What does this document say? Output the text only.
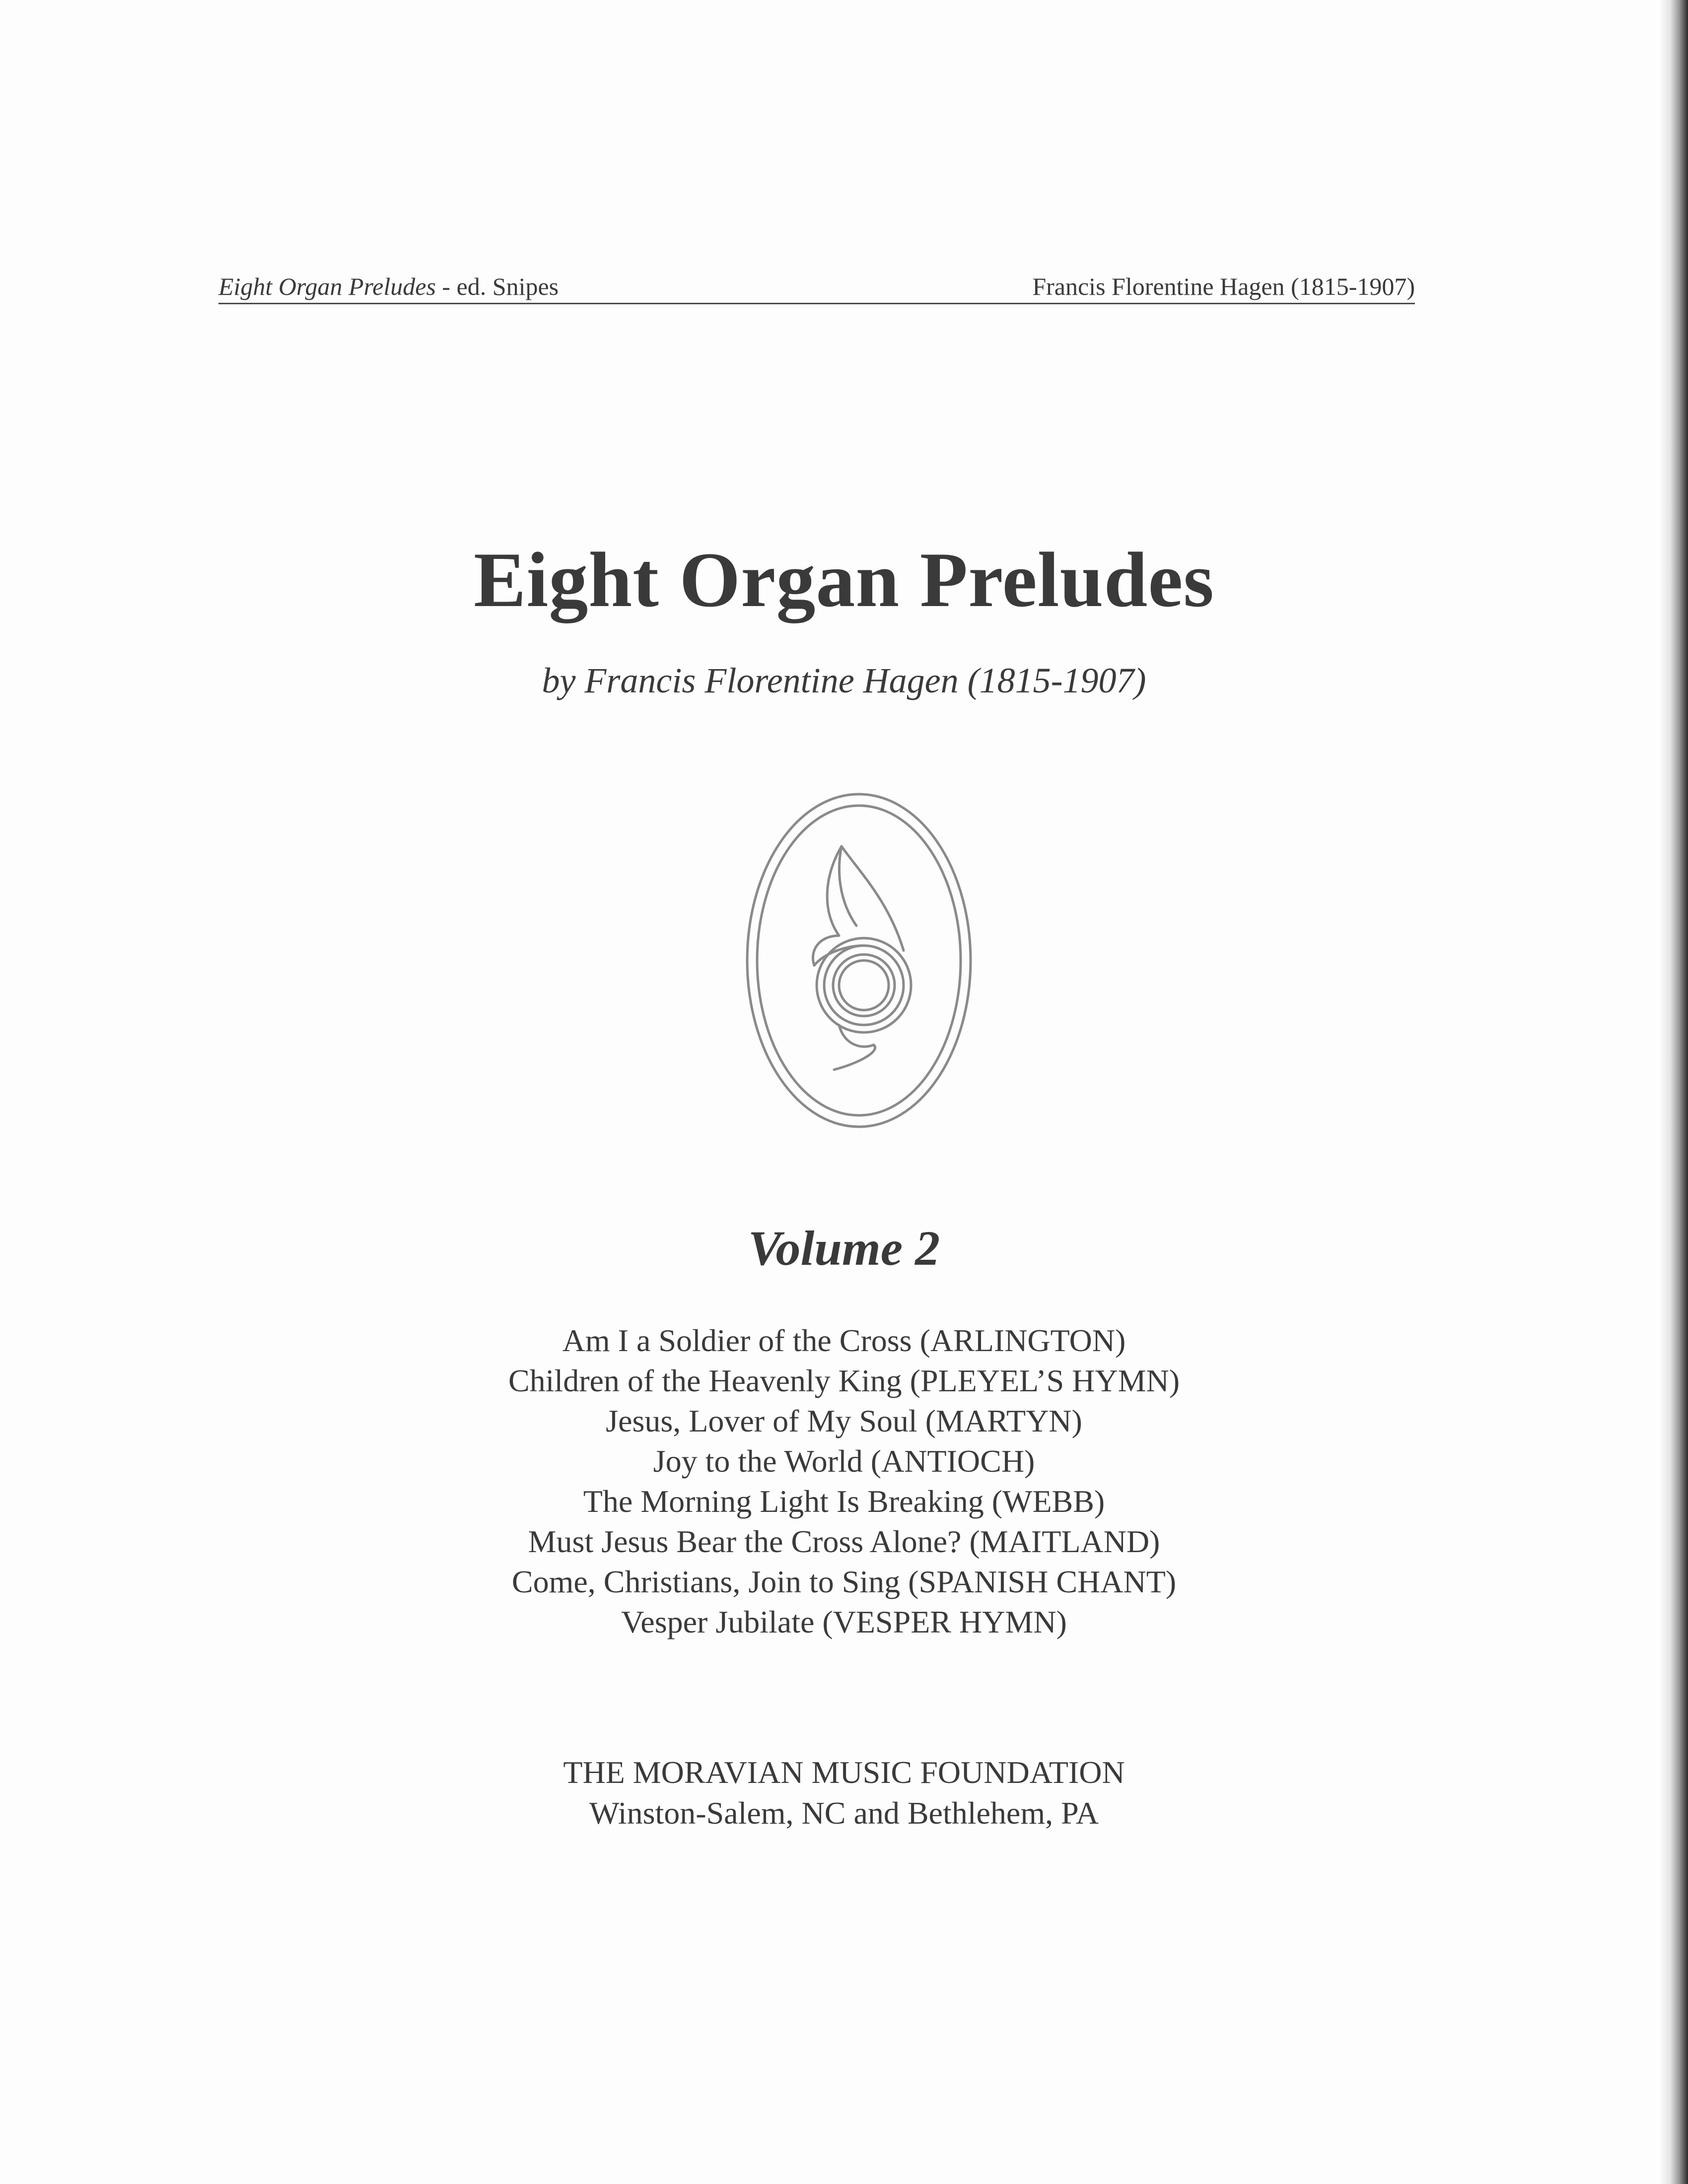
Eight Organ Preludes - ed. Snipes	Francis Florentine Hagen (1815-1907)
Eight Organ Preludes
by Francis Florentine Hagen (1815-1907)
Volume 2
Am I a Soldier of the Cross (ARLINGTON)
Children of the Heavenly King (PLEYEL’S HYMN)
Jesus, Lover of My Soul (MARTYN)
Joy to the World (ANTIOCH)
The Morning Light Is Breaking (WEBB)
Must Jesus Bear the Cross Alone? (MAITLAND)
Come, Christians, Join to Sing (SPANISH CHANT)
Vesper Jubilate (VESPER HYMN)
THE MORAVIAN MUSIC FOUNDATION
Winston-Salem, NC and Bethlehem, PA
